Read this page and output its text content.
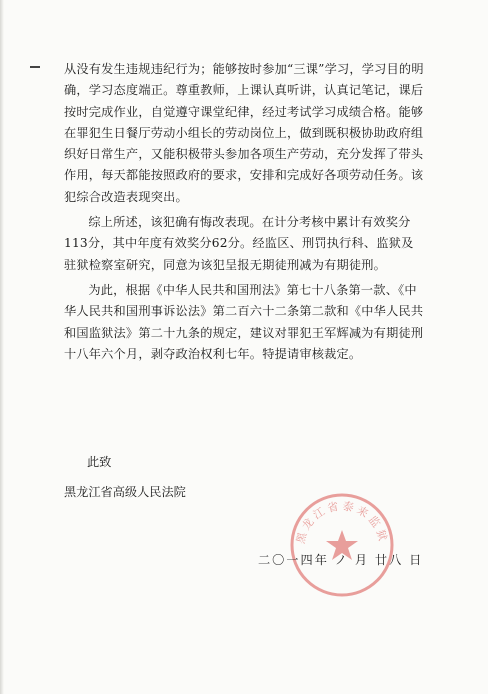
从没有发生违规违纪行为；能够按时参加“三课”学习，学习目的明确，学习态度端正。尊重教师，上课认真听讲，认真记笔记，课后按时完成作业，自觉遵守课堂纪律，经过考试学习成绩合格。能够在罪犯生日餐厅劳动小组长的劳动岗位上，做到既积极协助政府组织好日常生产，又能积极带头参加各项生产劳动，充分发挥了带头作用，每天都能按照政府的要求，安排和完成好各项劳动任务。该犯综合改造表现突出。

综上所述，该犯确有悔改表现。在计分考核中累计有效奖分113分，其中年度有效奖分62分。经监区、刑罚执行科、监狱及驻狱检察室研究，同意为该犯呈报无期徒刑减为有期徒刑。

为此，根据《中华人民共和国刑法》第七十八条第一款、《中华人民共和国刑事诉讼法》第二百六十二条第二款和《中华人民共和国监狱法》第二十九条的规定，建议对罪犯王军辉减为有期徒刑十八年六个月，剥夺政治权利七年。特提请审核裁定。

此致
黑龙江省高级人民法院
黑龙江省泰来监狱
二〇一四年 ノ 月 廿八 日
